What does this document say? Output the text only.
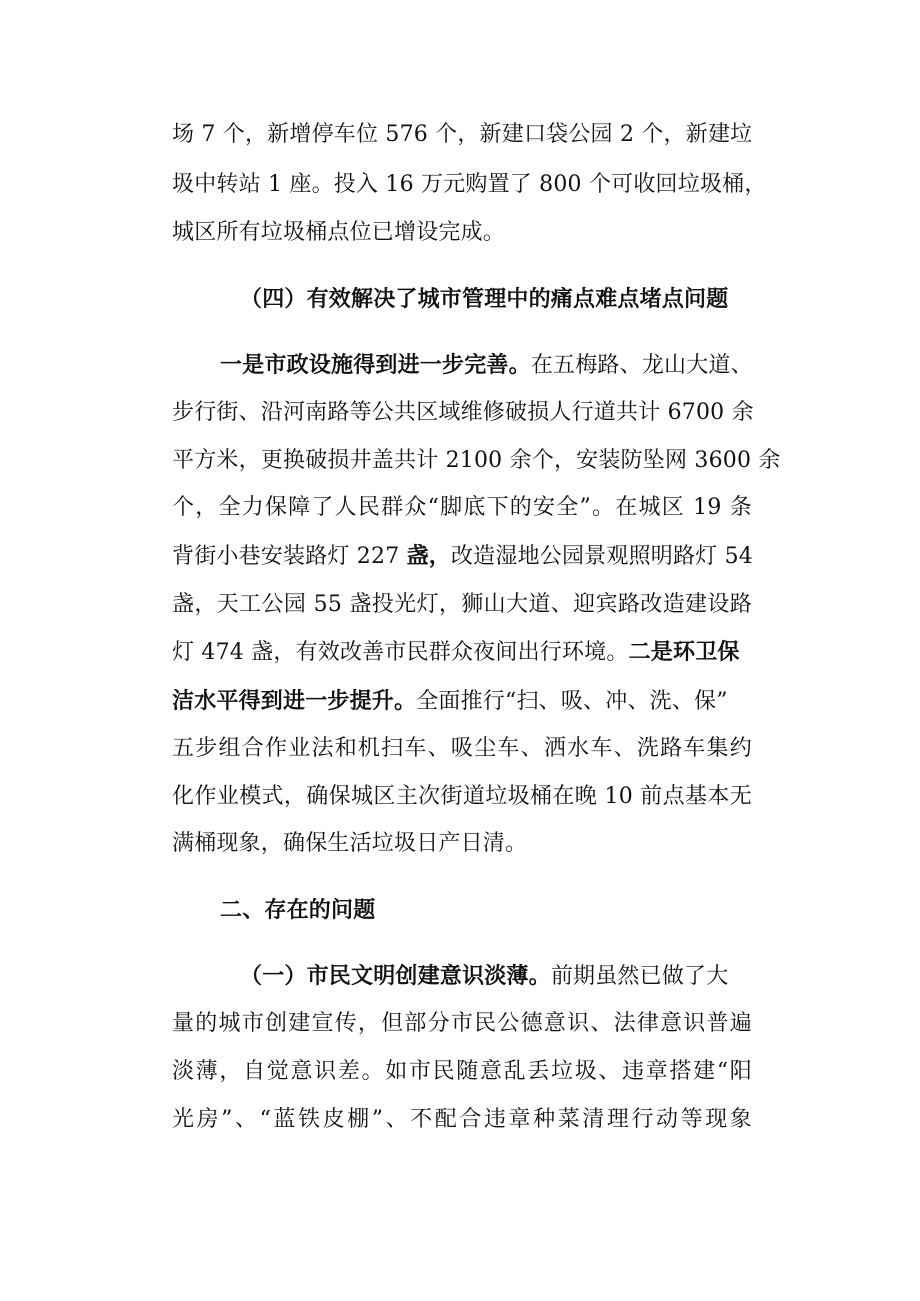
场 7 个，新增停车位 576 个，新建口袋公园 2 个，新建垃
圾中转站 1 座。投入 16 万元购置了 800 个可收回垃圾桶，
城区所有垃圾桶点位已增设完成。
（四）有效解决了城市管理中的痛点难点堵点问题
一是市政设施得到进一步完善。在五梅路、龙山大道、
步行街、沿河南路等公共区域维修破损人行道共计 6700 余
平方米，更换破损井盖共计 2100 余个，安装防坠网 3600 余
个，全力保障了人民群众“脚底下的安全”。在城区 19 条
背街小巷安装路灯 227 盏，改造湿地公园景观照明路灯 54
盏，天工公园 55 盏投光灯，狮山大道、迎宾路改造建设路
灯 474 盏，有效改善市民群众夜间出行环境。二是环卫保
洁水平得到进一步提升。全面推行“扫、吸、冲、洗、保”
五步组合作业法和机扫车、吸尘车、洒水车、洗路车集约
化作业模式，确保城区主次街道垃圾桶在晚 10 前点基本无
满桶现象，确保生活垃圾日产日清。
二、存在的问题
（一）市民文明创建意识淡薄。前期虽然已做了大
量的城市创建宣传，但部分市民公德意识、法律意识普遍
淡薄，自觉意识差。如市民随意乱丢垃圾、违章搭建“阳
光房”、“蓝铁皮棚”、不配合违章种菜清理行动等现象
